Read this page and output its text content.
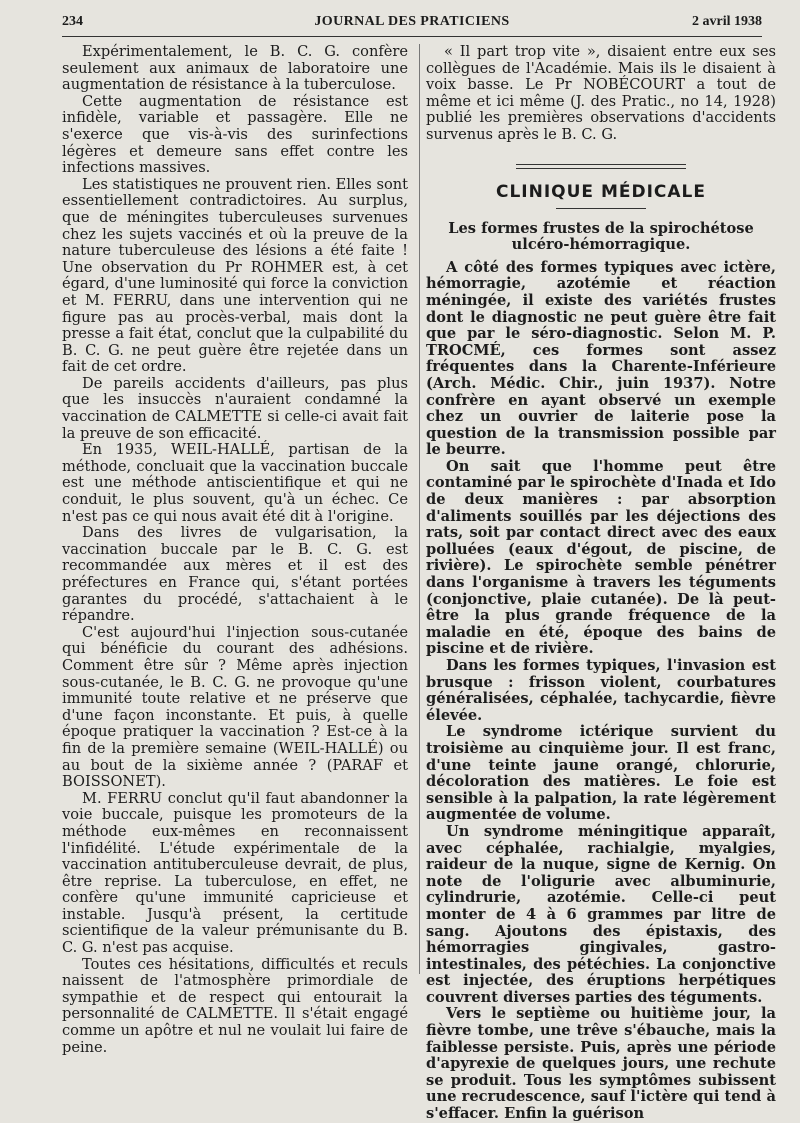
234	JOURNAL DES PRATICIENS	2 avril 1938

Expérimentalement, le B. C. G. confère seulement aux animaux de laboratoire une augmentation de résistance à la tuberculose.

Cette augmentation de résistance est infidèle, variable et passagère. Elle ne s'exerce que vis-à-vis des surinfections légères et demeure sans effet contre les infections massives.

Les statistiques ne prouvent rien. Elles sont essentiellement contradictoires. Au surplus, que de méningites tuberculeuses survenues chez les sujets vaccinés et où la preuve de la nature tuberculeuse des lésions a été faite ! Une observation du Pr ROHMER est, à cet égard, d'une luminosité qui force la conviction et M. FERRU, dans une intervention qui ne figure pas au procès-verbal, mais dont la presse a fait état, conclut que la culpabilité du B. C. G. ne peut guère être rejetée dans un fait de cet ordre.

De pareils accidents d'ailleurs, pas plus que les insuccès n'auraient condamné la vaccination de CALMETTE si celle-ci avait fait la preuve de son efficacité.

En 1935, WEIL-HALLÉ, partisan de la méthode, concluait que la vaccination buccale est une méthode antiscientifique et qui ne conduit, le plus souvent, qu'à un échec. Ce n'est pas ce qui nous avait été dit à l'origine.

Dans des livres de vulgarisation, la vaccination buccale par le B. C. G. est recommandée aux mères et il est des préfectures en France qui, s'étant portées garantes du procédé, s'attachaient à le répandre.

C'est aujourd'hui l'injection sous-cutanée qui bénéficie du courant des adhésions. Comment être sûr ? Même après injection sous-cutanée, le B. C. G. ne provoque qu'une immunité toute relative et ne préserve que d'une façon inconstante. Et puis, à quelle époque pratiquer la vaccination ? Est-ce à la fin de la première semaine (WEIL-HALLÉ) ou au bout de la sixième année ? (PARAF et BOISSONET).

M. FERRU conclut qu'il faut abandonner la voie buccale, puisque les promoteurs de la méthode eux-mêmes en reconnaissent l'infidélité. L'étude expérimentale de la vaccination antituberculeuse devrait, de plus, être reprise. La tuberculose, en effet, ne confère qu'une immunité capricieuse et instable. Jusqu'à présent, la certitude scientifique de la valeur prémunisante du B. C. G. n'est pas acquise.

Toutes ces hésitations, difficultés et reculs naissent de l'atmosphère primordiale de sympathie et de respect qui entourait la personnalité de CALMETTE. Il s'était engagé comme un apôtre et nul ne voulait lui faire de peine.

« Il part trop vite », disaient entre eux ses collègues de l'Académie. Mais ils le disaient à voix basse. Le Pr NOBÉCOURT a tout de même et ici même (J. des Pratic., no 14, 1928) publié les premières observations d'accidents survenus après le B. C. G.

CLINIQUE MÉDICALE
Les formes frustes de la spirochétose ulcéro-hémorragique.

A côté des formes typiques avec ictère, hémorragie, azotémie et réaction méningée, il existe des variétés frustes dont le diagnostic ne peut guère être fait que par le séro-diagnostic. Selon M. P. TROCMÉ, ces formes sont assez fréquentes dans la Charente-Inférieure (Arch. Médic. Chir., juin 1937). Notre confrère en ayant observé un exemple chez un ouvrier de laiterie pose la question de la transmission possible par le beurre.

On sait que l'homme peut être contaminé par le spirochète d'Inada et Ido de deux manières : par absorption d'aliments souillés par les déjections des rats, soit par contact direct avec des eaux polluées (eaux d'égout, de piscine, de rivière). Le spirochète semble pénétrer dans l'organisme à travers les téguments (conjonctive, plaie cutanée). De là peut-être la plus grande fréquence de la maladie en été, époque des bains de piscine et de rivière.

Dans les formes typiques, l'invasion est brusque : frisson violent, courbatures généralisées, céphalée, tachycardie, fièvre élevée.

Le syndrome ictérique survient du troisième au cinquième jour. Il est franc, d'une teinte jaune orangé, chlorurie, décoloration des matières. Le foie est sensible à la palpation, la rate légèrement augmentée de volume.

Un syndrome méningitique apparaît, avec céphalée, rachialgie, myalgies, raideur de la nuque, signe de Kernig. On note de l'oligurie avec albuminurie, cylindrurie, azotémie. Celle-ci peut monter de 4 à 6 grammes par litre de sang. Ajoutons des épistaxis, des hémorragies gingivales, gastro-intestinales, des pétéchies. La conjonctive est injectée, des éruptions herpétiques couvrent diverses parties des téguments.

Vers le septième ou huitième jour, la fièvre tombe, une trêve s'ébauche, mais la faiblesse persiste. Puis, après une période d'apyrexie de quelques jours, une rechute se produit. Tous les symptômes subissent une recrudescence, sauf l'ictère qui tend à s'effacer. Enfin la guérison
